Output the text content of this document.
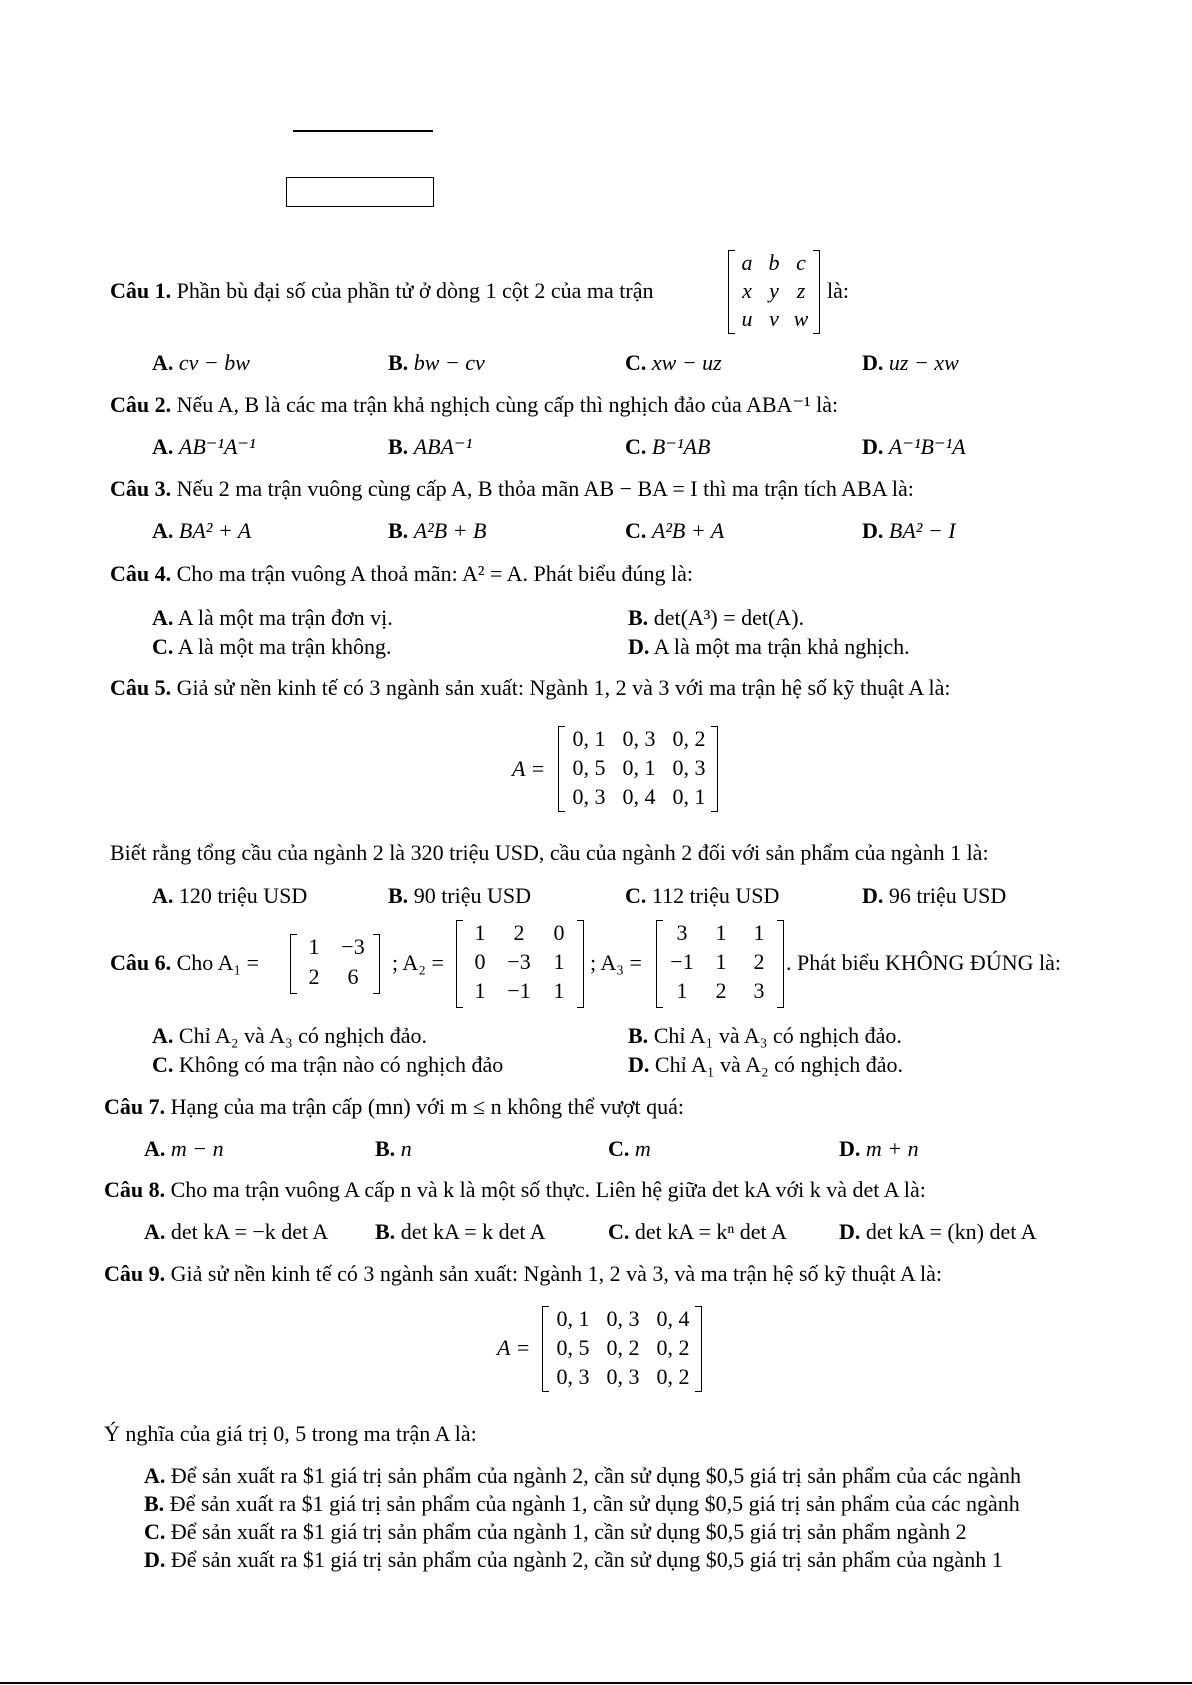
Câu 1. Phần bù đại số của phần tử ở dòng 1 cột 2 của ma trận
a b c
x y z
u v w
là:
A. cv − bw	B. bw − cv	C. xw − uz	D. uz − xw
Câu 2. Nếu A, B là các ma trận khả nghịch cùng cấp thì nghịch đảo của ABA⁻¹ là:
A. AB⁻¹A⁻¹	B. ABA⁻¹	C. B⁻¹AB	D. A⁻¹B⁻¹A
Câu 3. Nếu 2 ma trận vuông cùng cấp A, B thỏa mãn AB − BA = I thì ma trận tích ABA là:
A. BA² + A	B. A²B + B	C. A²B + A	D. BA² − I
Câu 4. Cho ma trận vuông A thoả mãn: A² = A. Phát biểu đúng là:
A. A là một ma trận đơn vị.	B. det(A³) = det(A).
C. A là một ma trận không.	D. A là một ma trận khả nghịch.
Câu 5. Giả sử nền kinh tế có 3 ngành sản xuất: Ngành 1, 2 và 3 với ma trận hệ số kỹ thuật A là:
A =
0, 1 0, 3 0, 2
0, 5 0, 1 0, 3
0, 3 0, 4 0, 1
Biết rằng tổng cầu của ngành 2 là 320 triệu USD, cầu của ngành 2 đối với sản phẩm của ngành 1 là:
A. 120 triệu USD	B. 90 triệu USD	C. 112 triệu USD	D. 96 triệu USD
Câu 6. Cho A₁ =
1 −3
2	6
; A₂ =
1	2	0
0 −3	1
1 −1	1
; A₃ =
3	1	1
−1 1	2
1	2	3
. Phát biểu KHÔNG ĐÚNG là:
A. Chỉ A₂ và A₃ có nghịch đảo.	B. Chỉ A₁ và A₃ có nghịch đảo.
C. Không có ma trận nào có nghịch đảo	D. Chỉ A₁ và A₂ có nghịch đảo.
Câu 7. Hạng của ma trận cấp (mn) với m ≤ n không thể vượt quá:
A. m − n	B. n	C. m	D. m + n
Câu 8. Cho ma trận vuông A cấp n và k là một số thực. Liên hệ giữa det kA với k và det A là:
A. det kA = −k det A B. det kA = k det A	C. det kA = kⁿ det A D. det kA = (kn) det A
Câu 9. Giả sử nền kinh tế có 3 ngành sản xuất: Ngành 1, 2 và 3, và ma trận hệ số kỹ thuật A là:
A =
0, 1 0, 3 0, 4
0, 5 0, 2 0, 2
0, 3 0, 3 0, 2
Ý nghĩa của giá trị 0, 5 trong ma trận A là:
A. Để sản xuất ra $1 giá trị sản phẩm của ngành 2, cần sử dụng $0,5 giá trị sản phẩm của các ngành
B. Để sản xuất ra $1 giá trị sản phẩm của ngành 1, cần sử dụng $0,5 giá trị sản phẩm của các ngành
C. Để sản xuất ra $1 giá trị sản phẩm của ngành 1, cần sử dụng $0,5 giá trị sản phẩm ngành 2
D. Để sản xuất ra $1 giá trị sản phẩm của ngành 2, cần sử dụng $0,5 giá trị sản phẩm của ngành 1
